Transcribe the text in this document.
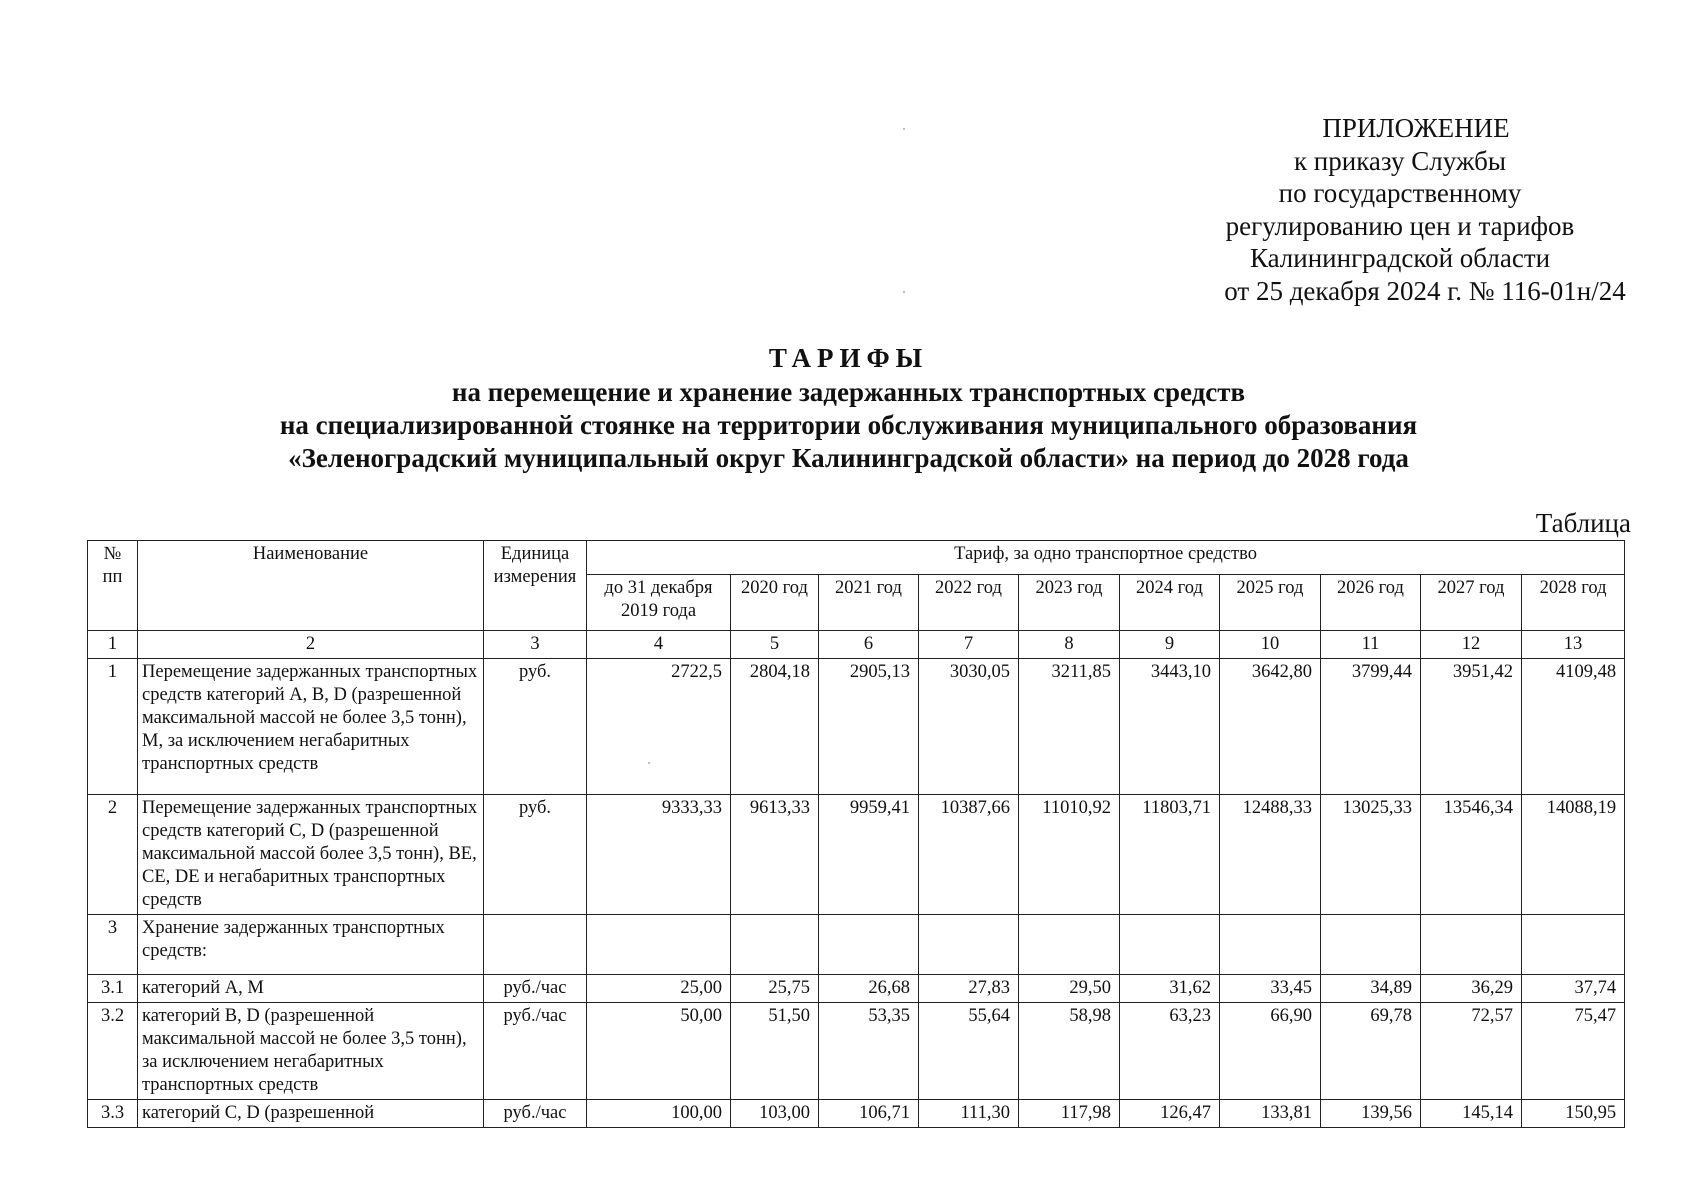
ПРИЛОЖЕНИЕ
к приказу Службы
по государственному
регулированию цен и тарифов
Калининградской области
от 25 декабря 2024 г. № 116-01н/24
ТАРИФЫ
на перемещение и хранение задержанных транспортных средств
на специализированной стоянке на территории обслуживания муниципального образования
«Зеленоградский муниципальный округ Калининградской области» на период до 2028 года
Таблица
№ пп	Наименование	Единица измерения	Тариф, за одно транспортное средство									
			до 31 декабря 2019 года	2020 год	2021 год	2022 год	2023 год	2024 год	2025 год	2026 год	2027 год	2028 год
1	2	3	4	5	6	7	8	9	10	11	12	13
1	Перемещение задержанных транспортных средств категорий А, В, D (разрешенной максимальной массой не более 3,5 тонн), М, за исключением негабаритных транспортных средств	руб.	2722,5	2804,18	2905,13	3030,05	3211,85	3443,10	3642,80	3799,44	3951,42	4109,48
2	Перемещение задержанных транспортных средств категорий С, D (разрешенной максимальной массой более 3,5 тонн), ВЕ, СЕ, DE и негабаритных транспортных средств	руб.	9333,33	9613,33	9959,41	10387,66	11010,92	11803,71	12488,33	13025,33	13546,34	14088,19
3	Хранение задержанных транспортных средств:											
3.1	категорий А, М	руб./час	25,00	25,75	26,68	27,83	29,50	31,62	33,45	34,89	36,29	37,74
3.2	категорий В, D (разрешенной максимальной массой не более 3,5 тонн), за исключением негабаритных транспортных средств	руб./час	50,00	51,50	53,35	55,64	58,98	63,23	66,90	69,78	72,57	75,47
3.3	категорий С, D (разрешенной	руб./час	100,00	103,00	106,71	111,30	117,98	126,47	133,81	139,56	145,14	150,95
